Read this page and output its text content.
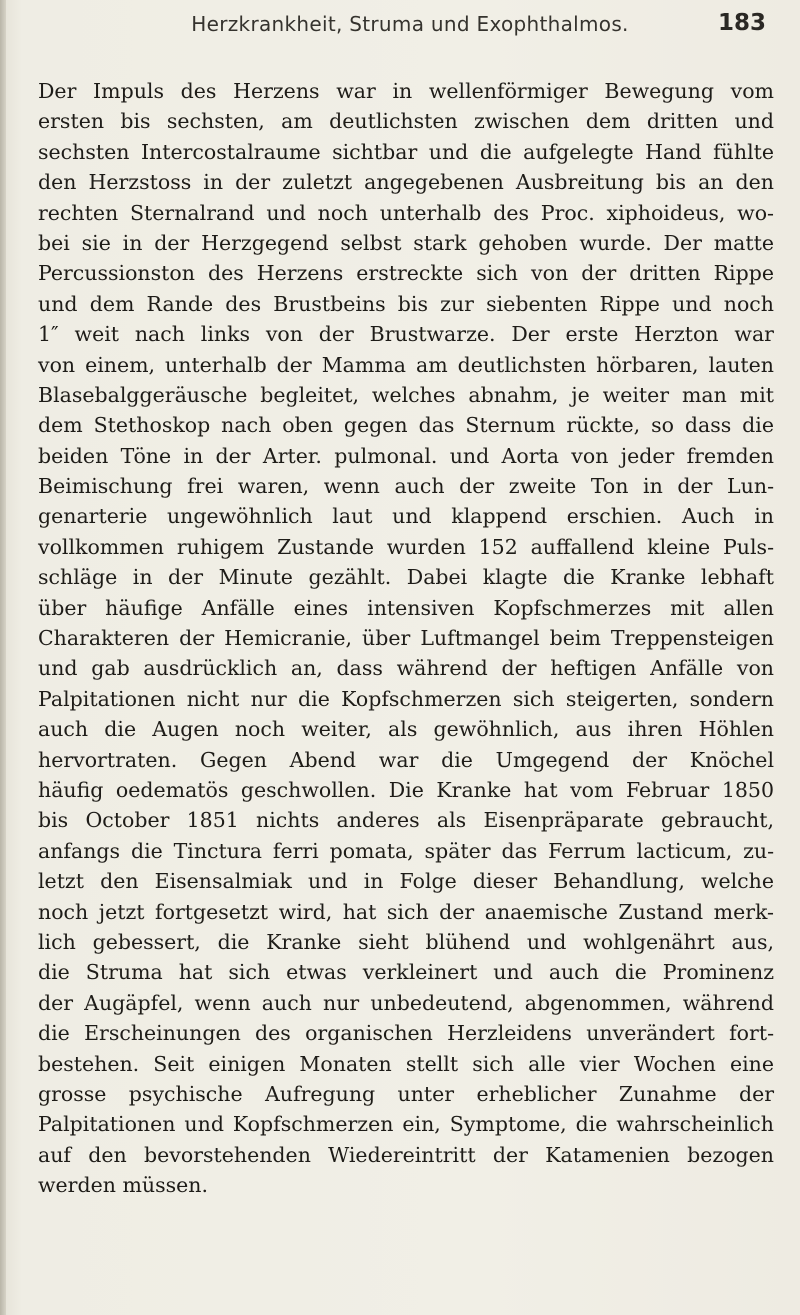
Herzkrankheit, Struma und Exophthalmos.	183
Der Impuls des Herzens war in wellenförmiger Bewegung vom
ersten bis sechsten, am deutlichsten zwischen dem dritten und
sechsten Intercostalraume sichtbar und die aufgelegte Hand fühlte
den Herzstoss in der zuletzt angegebenen Ausbreitung bis an den
rechten Sternalrand und noch unterhalb des Proc. xiphoideus, wo-
bei sie in der Herzgegend selbst stark gehoben wurde. Der matte
Percussionston des Herzens erstreckte sich von der dritten Rippe
und dem Rande des Brustbeins bis zur siebenten Rippe und noch
1″ weit nach links von der Brustwarze. Der erste Herzton war
von einem, unterhalb der Mamma am deutlichsten hörbaren, lauten
Blasebalggeräusche begleitet, welches abnahm, je weiter man mit
dem Stethoskop nach oben gegen das Sternum rückte, so dass die
beiden Töne in der Arter. pulmonal. und Aorta von jeder fremden
Beimischung frei waren, wenn auch der zweite Ton in der Lun-
genarterie ungewöhnlich laut und klappend erschien. Auch in
vollkommen ruhigem Zustande wurden 152 auffallend kleine Puls-
schläge in der Minute gezählt. Dabei klagte die Kranke lebhaft
über häufige Anfälle eines intensiven Kopfschmerzes mit allen
Charakteren der Hemicranie, über Luftmangel beim Treppensteigen
und gab ausdrücklich an, dass während der heftigen Anfälle von
Palpitationen nicht nur die Kopfschmerzen sich steigerten, sondern
auch die Augen noch weiter, als gewöhnlich, aus ihren Höhlen
hervortraten. Gegen Abend war die Umgegend der Knöchel
häufig oedematös geschwollen. Die Kranke hat vom Februar 1850
bis October 1851 nichts anderes als Eisenpräparate gebraucht,
anfangs die Tinctura ferri pomata, später das Ferrum lacticum, zu-
letzt den Eisensalmiak und in Folge dieser Behandlung, welche
noch jetzt fortgesetzt wird, hat sich der anaemische Zustand merk-
lich gebessert, die Kranke sieht blühend und wohlgenährt aus,
die Struma hat sich etwas verkleinert und auch die Prominenz
der Augäpfel, wenn auch nur unbedeutend, abgenommen, während
die Erscheinungen des organischen Herzleidens unverändert fort-
bestehen. Seit einigen Monaten stellt sich alle vier Wochen eine
grosse psychische Aufregung unter erheblicher Zunahme der
Palpitationen und Kopfschmerzen ein, Symptome, die wahrscheinlich
auf den bevorstehenden Wiedereintritt der Katamenien bezogen
werden müssen.
